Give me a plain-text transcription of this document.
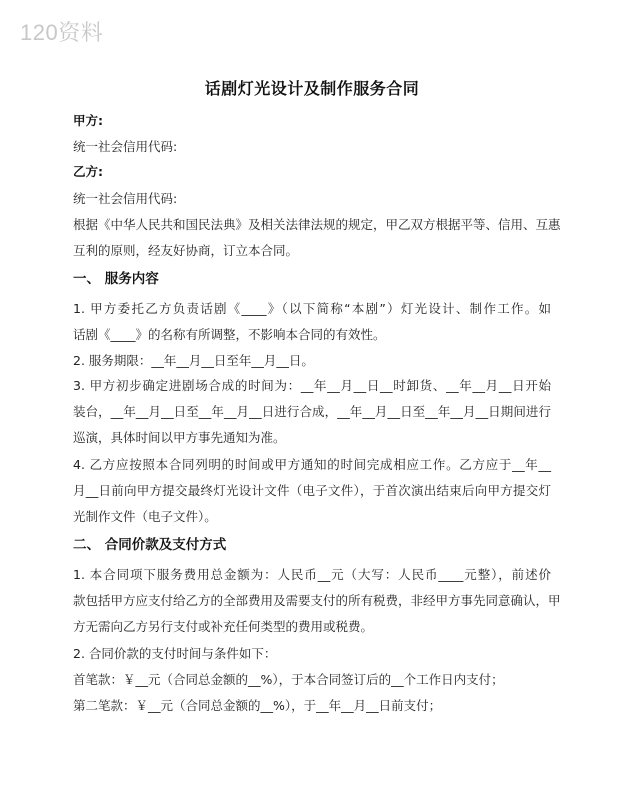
120资料
话剧灯光设计及制作服务合同
甲方:
统一社会信用代码:
乙方:
统一社会信用代码:
根据《中华人民共和国民法典》及相关法律法规的规定，甲乙双方根据平等、信用、互惠
互利的原则，经友好协商，订立本合同。
一、 服务内容
1. 甲方委托乙方负责话剧《____》（以下简称“本剧”）灯光设计、制作工作。如
话剧《____》的名称有所调整，不影响本合同的有效性。
2. 服务期限：__年__月__日至年__月__日。
3. 甲方初步确定进剧场合成的时间为：__年__月__日__时卸货、__年__月__日开始
装台，__年__月__日至__年__月__日进行合成，__年__月__日至__年__月__日期间进行
巡演，具体时间以甲方事先通知为准。
4. 乙方应按照本合同列明的时间或甲方通知的时间完成相应工作。乙方应于__年__
月__日前向甲方提交最终灯光设计文件（电子文件），于首次演出结束后向甲方提交灯
光制作文件（电子文件）。
二、 合同价款及支付方式
1. 本合同项下服务费用总金额为：人民币__元（大写：人民币____元整），前述价
款包括甲方应支付给乙方的全部费用及需要支付的所有税费，非经甲方事先同意确认，甲
方无需向乙方另行支付或补充任何类型的费用或税费。
2. 合同价款的支付时间与条件如下：
首笔款：￥__元（合同总金额的__%），于本合同签订后的__个工作日内支付；
第二笔款：￥__元（合同总金额的__%），于__年__月__日前支付；
